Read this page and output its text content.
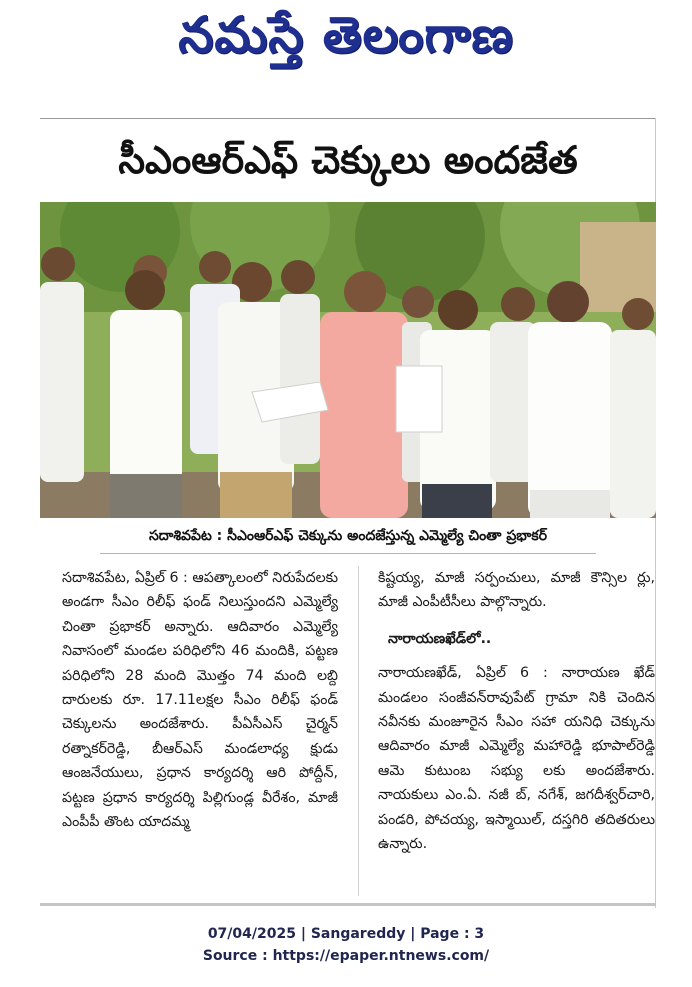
నమస్తే తెలంగాణ
సీఎంఆర్ఎఫ్ చెక్కులు అందజేత
సదాశివపేట : సీఎంఆర్ఎఫ్ చెక్కును అందజేస్తున్న ఎమ్మెల్యే చింతా ప్రభాకర్

సదాశివపేట, ఏప్రిల్ 6 : ఆపత్కాలంలో నిరుపేదలకు అండగా సీఎం రిలీఫ్ ఫండ్ నిలుస్తుందని ఎమ్మెల్యే చింతా ప్రభాకర్ అన్నారు. ఆదివారం ఎమ్మెల్యే నివాసంలో మండల పరిధిలోని 46 మందికి, పట్టణ పరిధిలోని 28 మంది మొత్తం 74 మంది లబ్ది దారులకు రూ. 17.11లక్షల సీఎం రిలీఫ్ ఫండ్ చెక్కులను అందజేశారు. పీఏసీఎస్ చైర్మన్ రత్నాకర్‌రెడ్డి, బీఆర్ఎస్ మండలాధ్య క్షుడు ఆంజనేయులు, ప్రధాన కార్యదర్శి ఆరి పోద్దీన్, పట్టణ ప్రధాన కార్యదర్శి పిల్లిగుండ్ల వీరేశం, మాజీ ఎంపీపీ తొంట యాదమ్మ

కిష్టయ్య, మాజీ సర్పంచులు, మాజీ కౌన్సిల ర్లు, మాజీ ఎంపీటీసీలు పాల్గొన్నారు.

నారాయణఖేడ్‌లో..

నారాయణఖేడ్, ఏప్రిల్ 6 : నారాయణ ఖేడ్ మండలం సంజీవన్‌రావుపేట్ గ్రామా నికి చెందిన నవీనకు మంజూరైన సీఎం సహా యనిధి చెక్కును ఆదివారం మాజీ ఎమ్మెల్యే మహారెడ్డి భూపాల్‌రెడ్డి ఆమె కుటుంబ సభ్యు లకు అందజేశారు. నాయకులు ఎం.ఏ. నజీ బ్, నగేశ్, జగదీశ్వర్‌చారి, పండరి, పోచయ్య, ఇస్మాయిల్, దస్తగిరి తదితరులు ఉన్నారు.

07/04/2025 | Sangareddy | Page : 3
Source : https://epaper.ntnews.com/
